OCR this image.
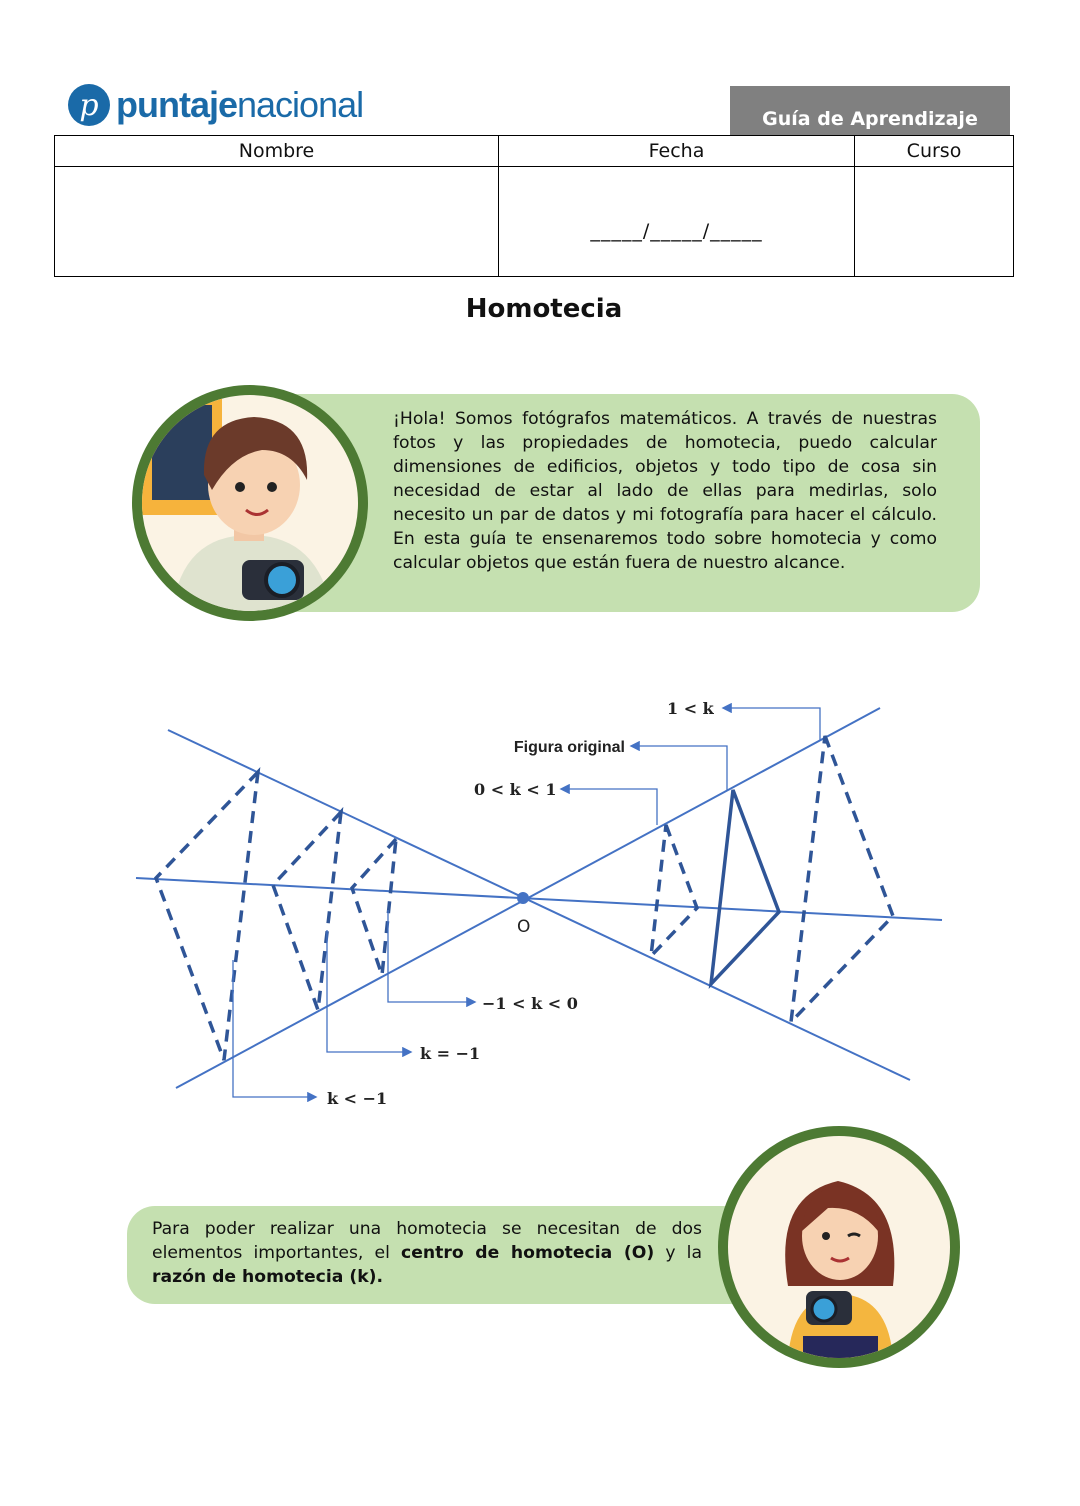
p puntajenacional	Guía de Aprendizaje
Nombre	Fecha	Curso
	_____/_____/_____	
Homotecia
¡Hola! Somos fotógrafos matemáticos. A través de nuestras fotos y las propiedades de homotecia, puedo calcular dimensiones de edificios, objetos y todo tipo de cosa sin necesidad de estar al lado de ellas para medirlas, solo necesito un par de datos y mi fotografía para hacer el cálculo. En esta guía te ensenaremos todo sobre homotecia y como calcular objetos que están fuera de nuestro alcance.
O
1 < k
Figura original
0 < k < 1
−1 < k < 0
k = −1
k < −1
Para poder realizar una homotecia se necesitan de dos elementos importantes, el centro de homotecia (O) y la razón de homotecia (k).
